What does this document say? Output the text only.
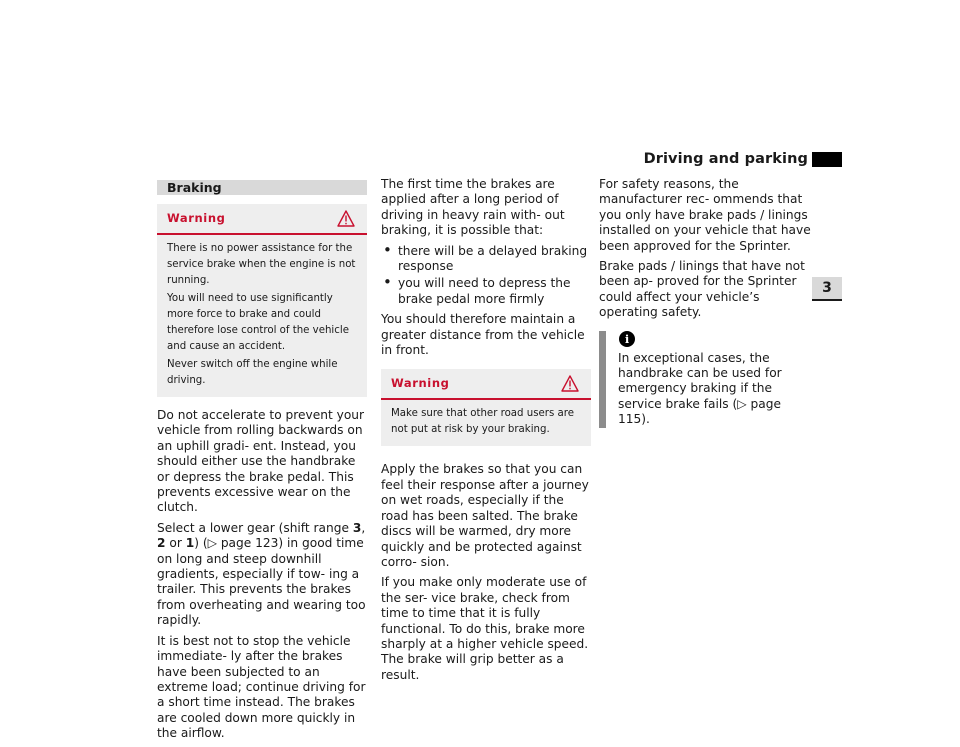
Driving and parking
3
Braking
Warning

There is no power assistance for the service brake when the engine is not running.

You will need to use significantly more force to brake and could therefore lose control of the vehicle and cause an accident.

Never switch off the engine while driving.

Do not accelerate to prevent your vehicle from rolling backwards on an uphill gradi- ent. Instead, you should either use the handbrake or depress the brake pedal. This prevents excessive wear on the clutch.

Select a lower gear (shift range 3, 2 or 1) (▷ page 123) in good time on long and steep downhill gradients, especially if tow- ing a trailer. This prevents the brakes from overheating and wearing too rapidly.

It is best not to stop the vehicle immediate- ly after the brakes have been subjected to an extreme load; continue driving for a short time instead. The brakes are cooled down more quickly in the airflow.

The first time the brakes are applied after a long period of driving in heavy rain with- out braking, it is possible that:

• there will be a delayed braking response
• you will need to depress the brake pedal more firmly

You should therefore maintain a greater distance from the vehicle in front.

Warning

Make sure that other road users are not put at risk by your braking.

Apply the brakes so that you can feel their response after a journey on wet roads, especially if the road has been salted. The brake discs will be warmed, dry more quickly and be protected against corro- sion.

If you make only moderate use of the ser- vice brake, check from time to time that it is fully functional. To do this, brake more sharply at a higher vehicle speed. The brake will grip better as a result.

For safety reasons, the manufacturer rec- ommends that you only have brake pads / linings installed on your vehicle that have been approved for the Sprinter.

Brake pads / linings that have not been ap- proved for the Sprinter could affect your vehicle’s operating safety.

i

In exceptional cases, the handbrake can be used for emergency braking if the service brake fails (▷ page 115).
